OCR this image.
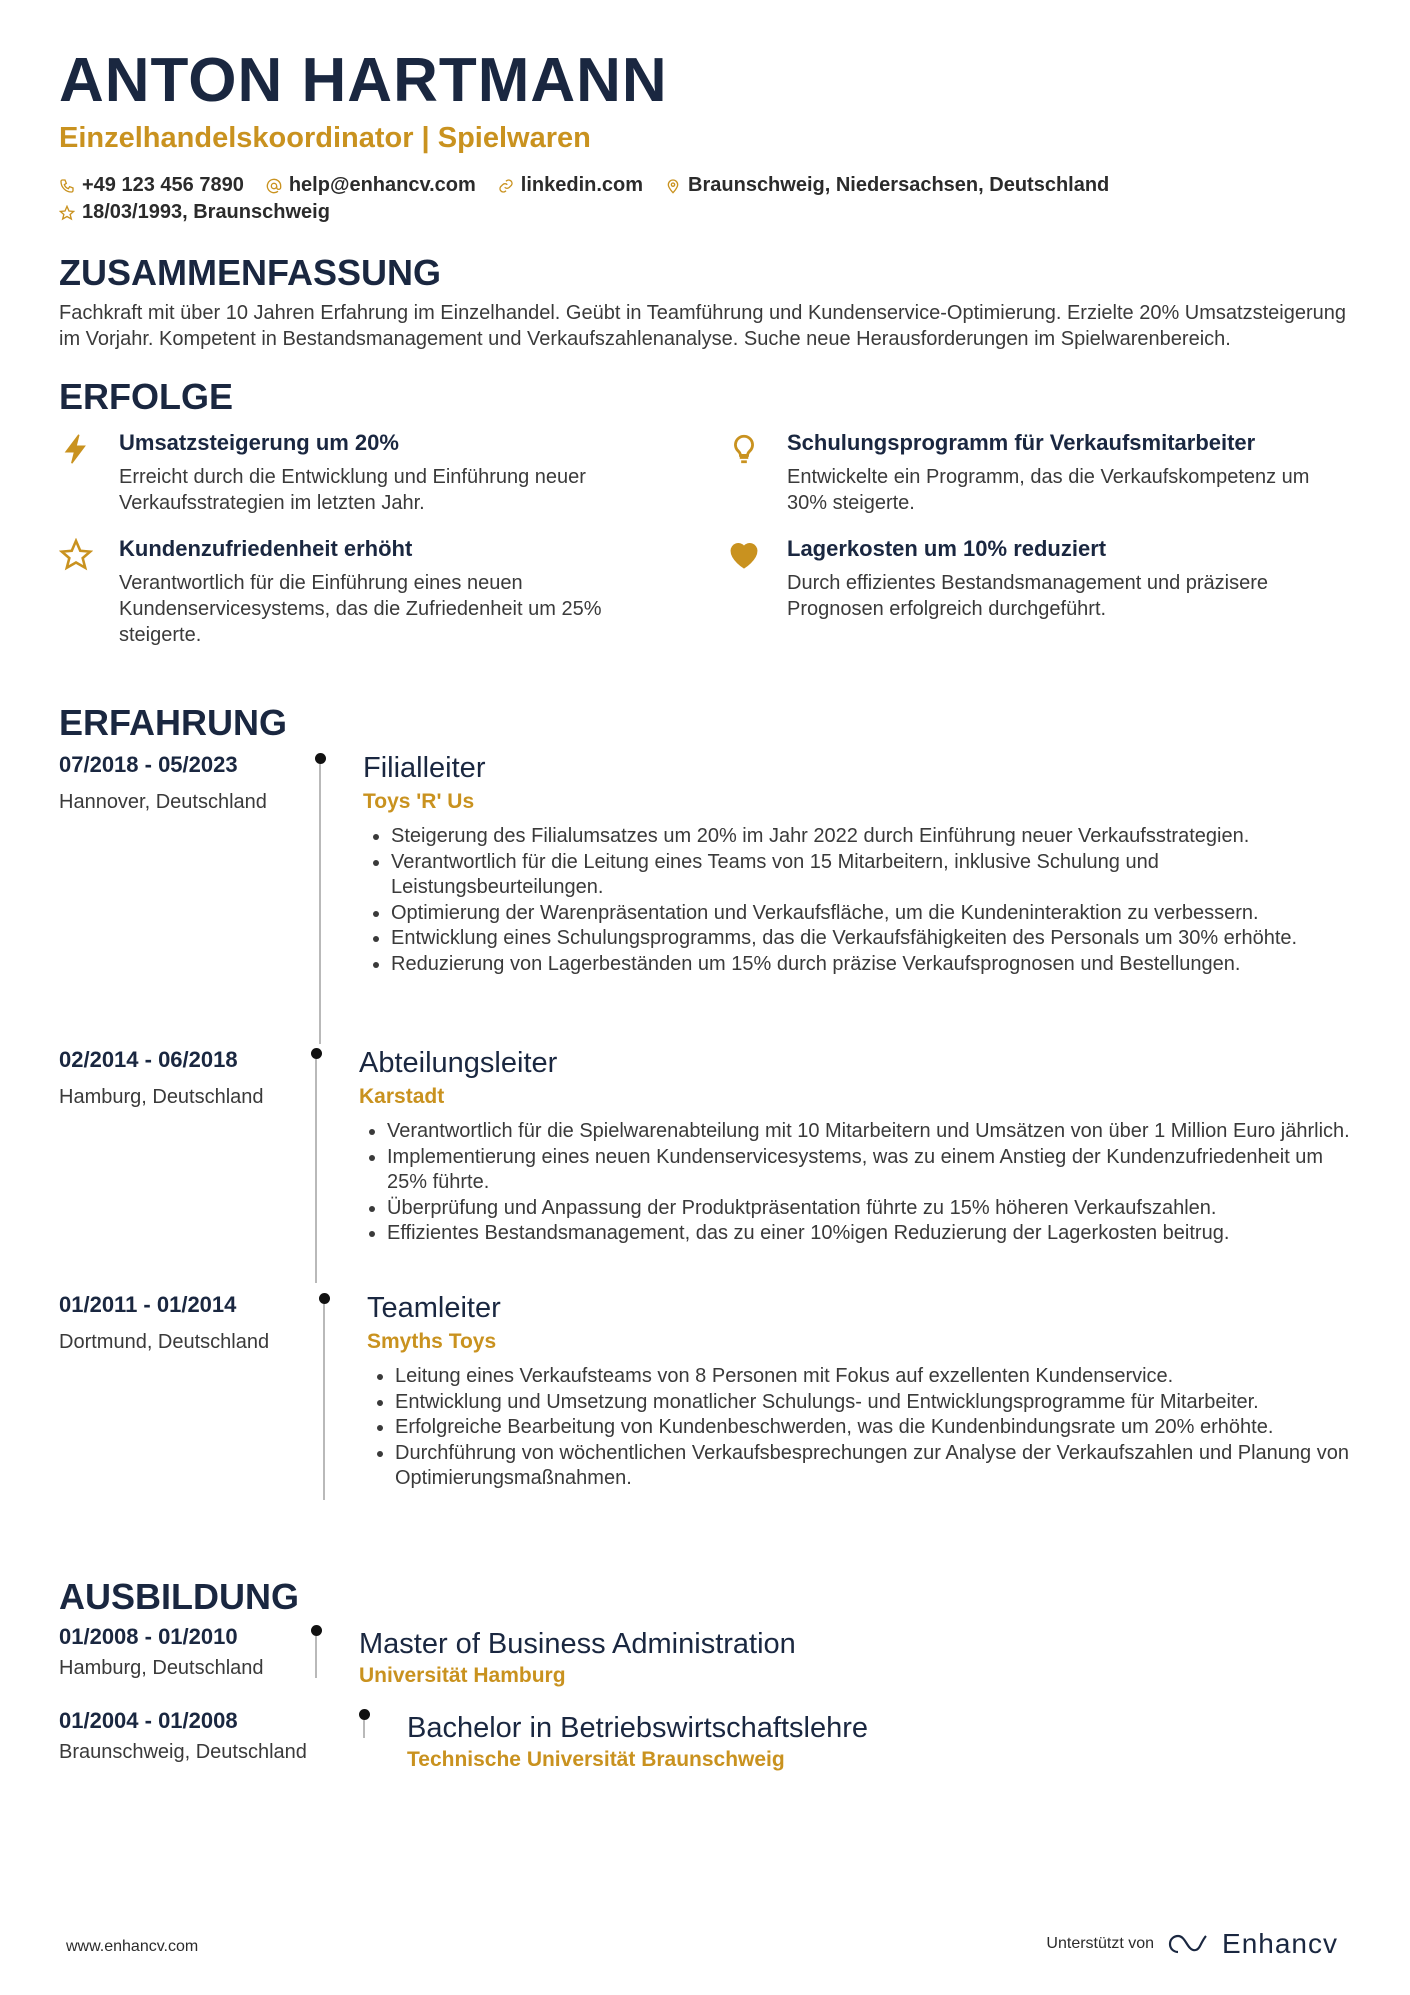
ANTON HARTMANN
Einzelhandelskoordinator | Spielwaren
+49 123 456 7890 help@enhancv.com linkedin.com Braunschweig, Niedersachsen, Deutschland
18/03/1993, Braunschweig
ZUSAMMENFASSUNG
Fachkraft mit über 10 Jahren Erfahrung im Einzelhandel. Geübt in Teamführung und Kundenservice-Optimierung. Erzielte 20% Umsatzsteigerung im Vorjahr. Kompetent in Bestandsmanagement und Verkaufszahlenanalyse. Suche neue Herausforderungen im Spielwarenbereich.
ERFOLGE
Umsatzsteigerung um 20%
Erreicht durch die Entwicklung und Einführung neuer Verkaufsstrategien im letzten Jahr.
Schulungsprogramm für Verkaufsmitarbeiter
Entwickelte ein Programm, das die Verkaufskompetenz um 30% steigerte.
Kundenzufriedenheit erhöht
Verantwortlich für die Einführung eines neuen Kundenservicesystems, das die Zufriedenheit um 25% steigerte.
Lagerkosten um 10% reduziert
Durch effizientes Bestandsmanagement und präzisere Prognosen erfolgreich durchgeführt.
ERFAHRUNG
07/2018 - 05/2023
Hannover, Deutschland
Filialleiter
Toys 'R' Us
• Steigerung des Filialumsatzes um 20% im Jahr 2022 durch Einführung neuer Verkaufsstrategien.
• Verantwortlich für die Leitung eines Teams von 15 Mitarbeitern, inklusive Schulung und Leistungsbeurteilungen.
• Optimierung der Warenpräsentation und Verkaufsfläche, um die Kundeninteraktion zu verbessern.
• Entwicklung eines Schulungsprogramms, das die Verkaufsfähigkeiten des Personals um 30% erhöhte.
• Reduzierung von Lagerbeständen um 15% durch präzise Verkaufsprognosen und Bestellungen.
02/2014 - 06/2018
Hamburg, Deutschland
Abteilungsleiter
Karstadt
• Verantwortlich für die Spielwarenabteilung mit 10 Mitarbeitern und Umsätzen von über 1 Million Euro jährlich.
• Implementierung eines neuen Kundenservicesystems, was zu einem Anstieg der Kundenzufriedenheit um 25% führte.
• Überprüfung und Anpassung der Produktpräsentation führte zu 15% höheren Verkaufszahlen.
• Effizientes Bestandsmanagement, das zu einer 10%igen Reduzierung der Lagerkosten beitrug.
01/2011 - 01/2014
Dortmund, Deutschland
Teamleiter
Smyths Toys
• Leitung eines Verkaufsteams von 8 Personen mit Fokus auf exzellenten Kundenservice.
• Entwicklung und Umsetzung monatlicher Schulungs- und Entwicklungsprogramme für Mitarbeiter.
• Erfolgreiche Bearbeitung von Kundenbeschwerden, was die Kundenbindungsrate um 20% erhöhte.
• Durchführung von wöchentlichen Verkaufsbesprechungen zur Analyse der Verkaufszahlen und Planung von Optimierungsmaßnahmen.
AUSBILDUNG
01/2008 - 01/2010
Hamburg, Deutschland
Master of Business Administration
Universität Hamburg
01/2004 - 01/2008
Braunschweig, Deutschland
Bachelor in Betriebswirtschaftslehre
Technische Universität Braunschweig
www.enhancv.com	Unterstützt von Enhancv
